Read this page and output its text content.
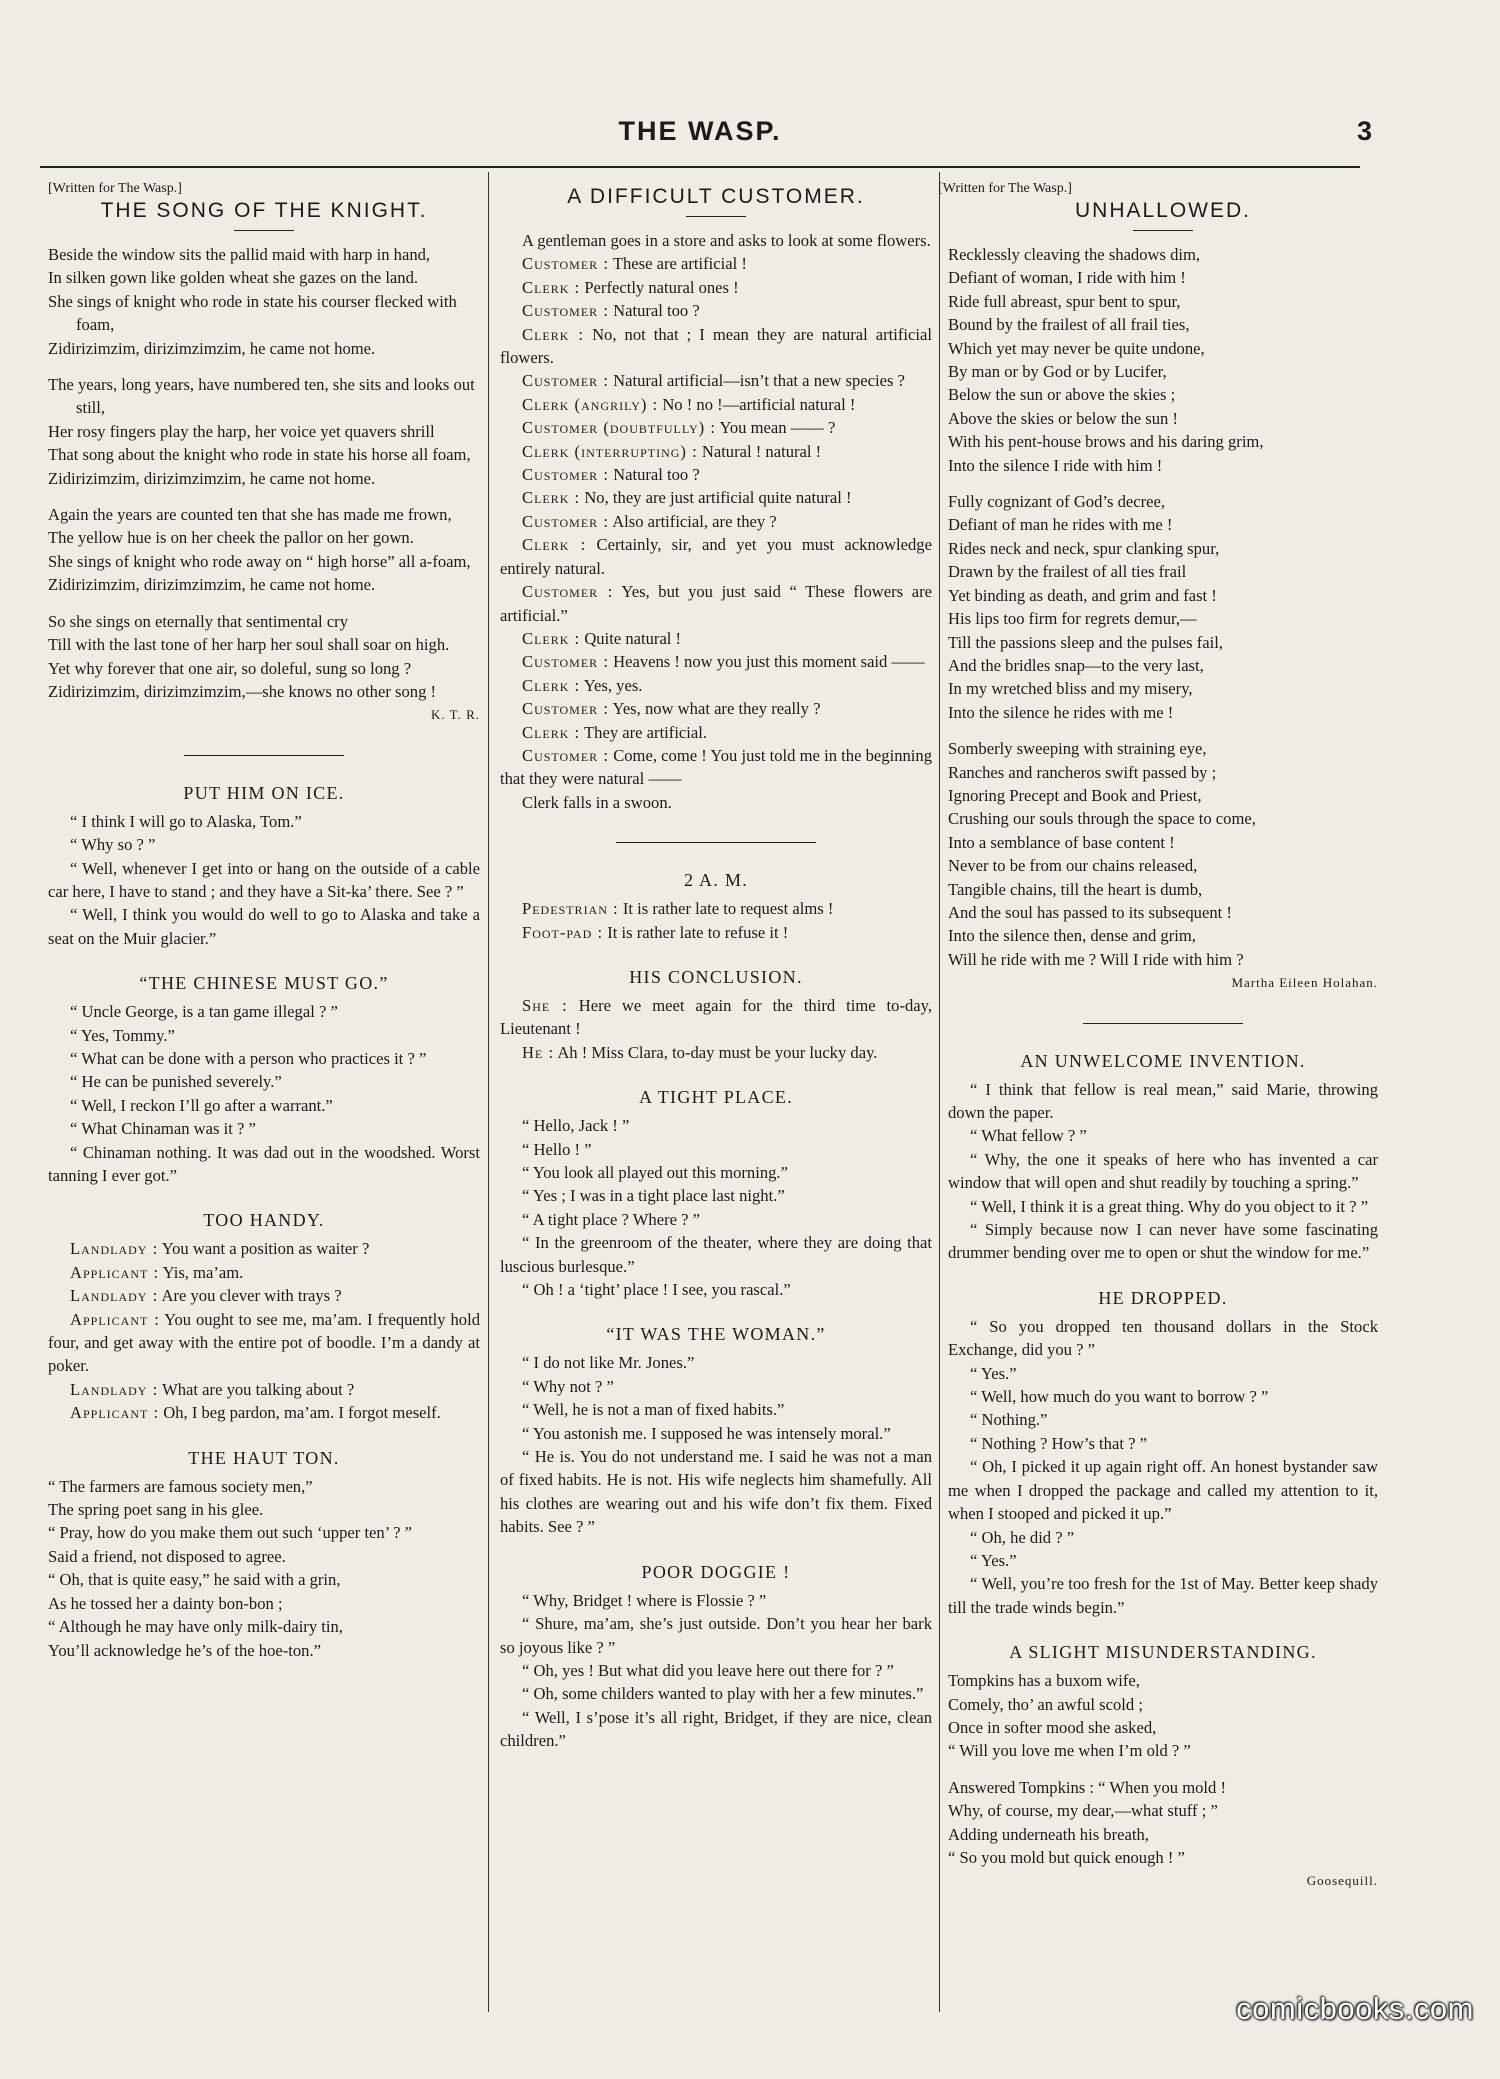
THE WASP.	3
[Written for The Wasp.]
THE SONG OF THE KNIGHT.

Beside the window sits the pallid maid with harp in hand,

In silken gown like golden wheat she gazes on the land.

She sings of knight who rode in state his courser flecked with foam,

Zidirizimzim, dirizimzimzim, he came not home.

The years, long years, have numbered ten, she sits and looks out still,

Her rosy fingers play the harp, her voice yet quavers shrill

That song about the knight who rode in state his horse all foam,

Zidirizimzim, dirizimzimzim, he came not home.

Again the years are counted ten that she has made me frown,

The yellow hue is on her cheek the pallor on her gown.

She sings of knight who rode away on “ high horse” all a-foam,

Zidirizimzim, dirizimzimzim, he came not home.

So she sings on eternally that sentimental cry

Till with the last tone of her harp her soul shall soar on high.

Yet why forever that one air, so doleful, sung so long ?

Zidirizimzim, dirizimzimzim,—she knows no other song !

K. T. R.
PUT HIM ON ICE.

“ I think I will go to Alaska, Tom.”

“ Why so ? ”

“ Well, whenever I get into or hang on the outside of a cable car here, I have to stand ; and they have a Sit-ka’ there. See ? ”

“ Well, I think you would do well to go to Alaska and take a seat on the Muir glacier.”

“THE CHINESE MUST GO.”

“ Uncle George, is a tan game illegal ? ”

“ Yes, Tommy.”

“ What can be done with a person who practices it ? ”

“ He can be punished severely.”

“ Well, I reckon I’ll go after a warrant.”

“ What Chinaman was it ? ”

“ Chinaman nothing. It was dad out in the woodshed. Worst tanning I ever got.”

TOO HANDY.

Landlady : You want a position as waiter ?

Applicant : Yis, ma’am.

Landlady : Are you clever with trays ?

Applicant : You ought to see me, ma’am. I frequently hold four, and get away with the entire pot of boodle. I’m a dandy at poker.

Landlady : What are you talking about ?

Applicant : Oh, I beg pardon, ma’am. I forgot meself.

THE HAUT TON.

“ The farmers are famous society men,”

The spring poet sang in his glee.

“ Pray, how do you make them out such ‘upper ten’ ? ”

Said a friend, not disposed to agree.

“ Oh, that is quite easy,” he said with a grin,

As he tossed her a dainty bon-bon ;

“ Although he may have only milk-dairy tin,

You’ll acknowledge he’s of the hoe-ton.”

A DIFFICULT CUSTOMER.

A gentleman goes in a store and asks to look at some flowers.

Customer : These are artificial !

Clerk : Perfectly natural ones !

Customer : Natural too ?

Clerk : No, not that ; I mean they are natural artificial flowers.

Customer : Natural artificial—isn’t that a new species ?

Clerk (angrily) : No ! no !—artificial natural !

Customer (doubtfully) : You mean —— ?

Clerk (interrupting) : Natural ! natural !

Customer : Natural too ?

Clerk : No, they are just artificial quite natural !

Customer : Also artificial, are they ?

Clerk : Certainly, sir, and yet you must acknowledge entirely natural.

Customer : Yes, but you just said “ These flowers are artificial.”

Clerk : Quite natural !

Customer : Heavens ! now you just this moment said ——

Clerk : Yes, yes.

Customer : Yes, now what are they really ?

Clerk : They are artificial.

Customer : Come, come ! You just told me in the beginning that they were natural ——

Clerk falls in a swoon.

2 A. M.

Pedestrian : It is rather late to request alms !

Foot-pad : It is rather late to refuse it !

HIS CONCLUSION.

She : Here we meet again for the third time to-day, Lieutenant !

He : Ah ! Miss Clara, to-day must be your lucky day.

A TIGHT PLACE.

“ Hello, Jack ! ”

“ Hello ! ”

“ You look all played out this morning.”

“ Yes ; I was in a tight place last night.”

“ A tight place ? Where ? ”

“ In the greenroom of the theater, where they are doing that luscious burlesque.”

“ Oh ! a ‘tight’ place ! I see, you rascal.”

“IT WAS THE WOMAN.”

“ I do not like Mr. Jones.”

“ Why not ? ”

“ Well, he is not a man of fixed habits.”

“ You astonish me. I supposed he was intensely moral.”

“ He is. You do not understand me. I said he was not a man of fixed habits. He is not. His wife neglects him shamefully. All his clothes are wearing out and his wife don’t fix them. Fixed habits. See ? ”

POOR DOGGIE !

“ Why, Bridget ! where is Flossie ? ”

“ Shure, ma’am, she’s just outside. Don’t you hear her bark so joyous like ? ”

“ Oh, yes ! But what did you leave here out there for ? ”

“ Oh, some childers wanted to play with her a few minutes.”

“ Well, I s’pose it’s all right, Bridget, if they are nice, clean children.”

[Written for The Wasp.]
UNHALLOWED.

Recklessly cleaving the shadows dim,

Defiant of woman, I ride with him !

Ride full abreast, spur bent to spur,

Bound by the frailest of all frail ties,

Which yet may never be quite undone,

By man or by God or by Lucifer,

Below the sun or above the skies ;

Above the skies or below the sun !

With his pent-house brows and his daring grim,

Into the silence I ride with him !

Fully cognizant of God’s decree,

Defiant of man he rides with me !

Rides neck and neck, spur clanking spur,

Drawn by the frailest of all ties frail

Yet binding as death, and grim and fast !

His lips too firm for regrets demur,—

Till the passions sleep and the pulses fail,

And the bridles snap—to the very last,

In my wretched bliss and my misery,

Into the silence he rides with me !

Somberly sweeping with straining eye,

Ranches and rancheros swift passed by ;

Ignoring Precept and Book and Priest,

Crushing our souls through the space to come,

Into a semblance of base content !

Never to be from our chains released,

Tangible chains, till the heart is dumb,

And the soul has passed to its subsequent !

Into the silence then, dense and grim,

Will he ride with me ? Will I ride with him ?

Martha Eileen Holahan.
AN UNWELCOME INVENTION.

“ I think that fellow is real mean,” said Marie, throwing down the paper.

“ What fellow ? ”

“ Why, the one it speaks of here who has invented a car window that will open and shut readily by touching a spring.”

“ Well, I think it is a great thing. Why do you object to it ? ”

“ Simply because now I can never have some fascinating drummer bending over me to open or shut the window for me.”

HE DROPPED.

“ So you dropped ten thousand dollars in the Stock Exchange, did you ? ”

“ Yes.”

“ Well, how much do you want to borrow ? ”

“ Nothing.”

“ Nothing ? How’s that ? ”

“ Oh, I picked it up again right off. An honest bystander saw me when I dropped the package and called my attention to it, when I stooped and picked it up.”

“ Oh, he did ? ”

“ Yes.”

“ Well, you’re too fresh for the 1st of May. Better keep shady till the trade winds begin.”

A SLIGHT MISUNDERSTANDING.

Tompkins has a buxom wife,

Comely, tho’ an awful scold ;

Once in softer mood she asked,

“ Will you love me when I’m old ? ”

Answered Tompkins : “ When you mold !

Why, of course, my dear,—what stuff ; ”

Adding underneath his breath,

“ So you mold but quick enough ! ”

Goosequill.
comicbooks.com
